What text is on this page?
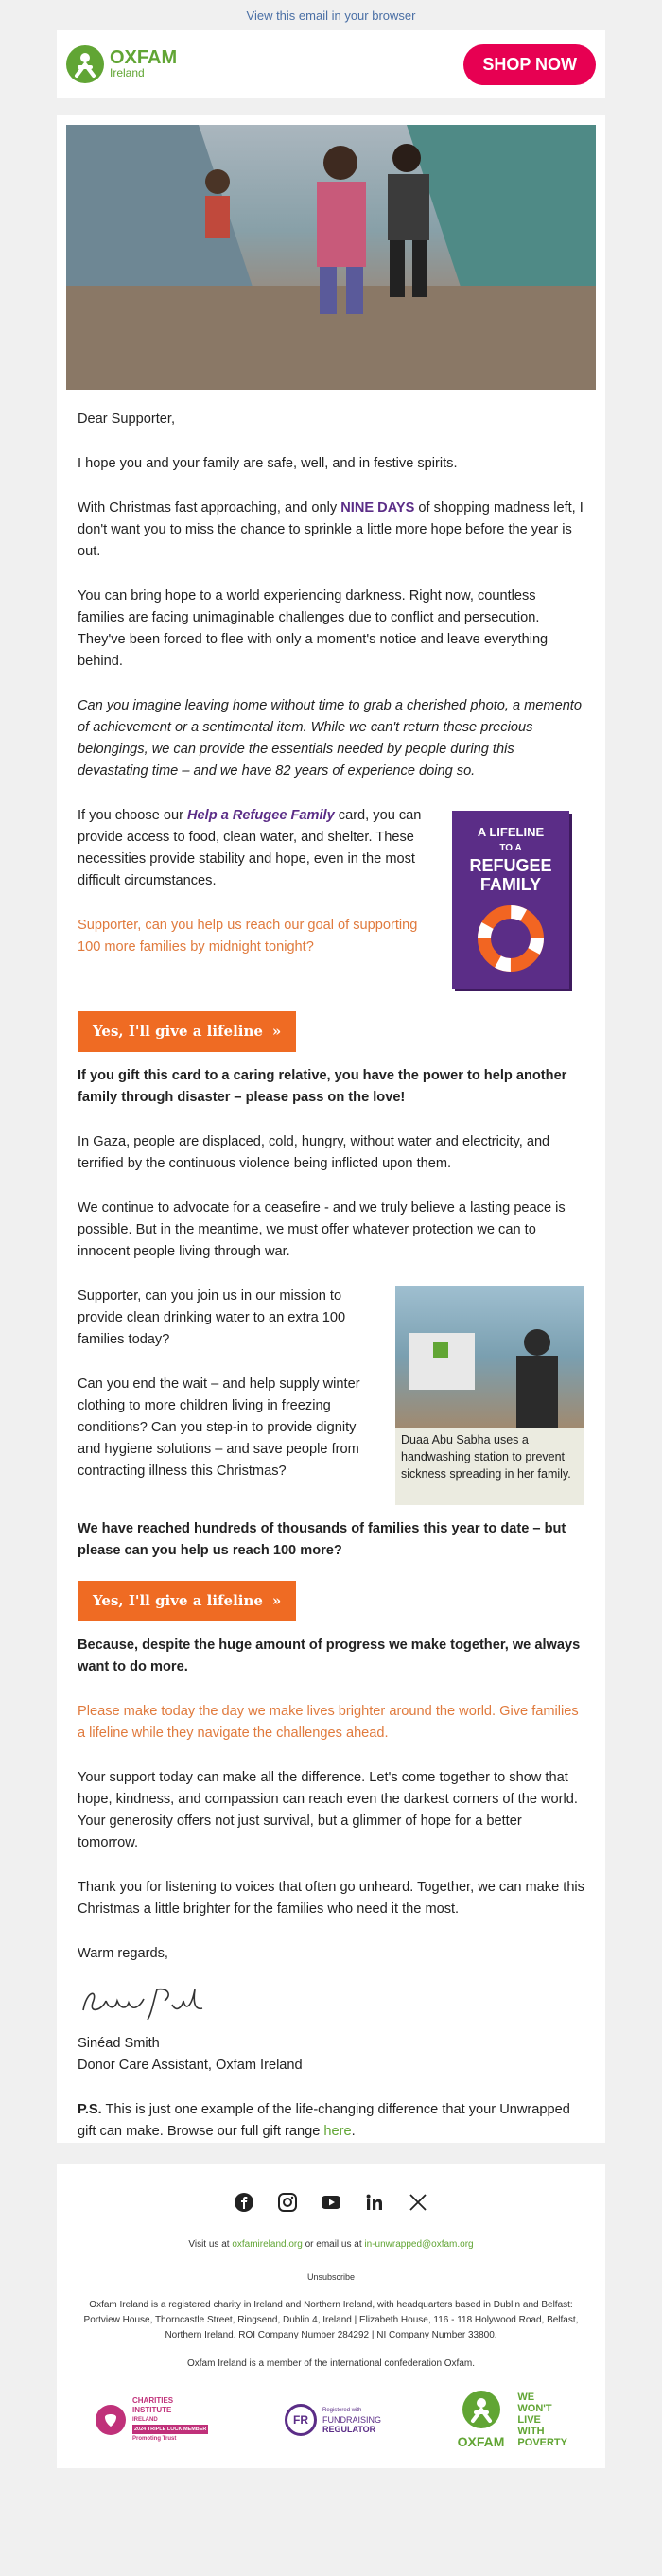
View this email in your browser
OXFAM
Ireland	SHOP NOW

Dear Supporter,

I hope you and your family are safe, well, and in festive spirits.

With Christmas fast approaching, and only NINE DAYS of shopping madness left, I don't want you to miss the chance to sprinkle a little more hope before the year is out.

You can bring hope to a world experiencing darkness. Right now, countless families are facing unimaginable challenges due to conflict and persecution. They've been forced to flee with only a moment's notice and leave everything behind.

Can you imagine leaving home without time to grab a cherished photo, a memento of achievement or a sentimental item. While we can't return these precious belongings, we can provide the essentials needed by people during this devastating time – and we have 82 years of experience doing so.

If you choose our Help a Refugee Family card, you can provide access to food, clean water, and shelter. These necessities provide stability and hope, even in the most difficult circumstances.

Supporter, can you help us reach our goal of supporting 100 more families by midnight tonight?

A LIFELINE
TO A
REFUGEE
FAMILY
Yes, I'll give a lifeline »

If you gift this card to a caring relative, you have the power to help another family through disaster – please pass on the love!

In Gaza, people are displaced, cold, hungry, without water and electricity, and terrified by the continuous violence being inflicted upon them.

We continue to advocate for a ceasefire - and we truly believe a lasting peace is possible. But in the meantime, we must offer whatever protection we can to innocent people living through war.

Supporter, can you join us in our mission to provide clean drinking water to an extra 100 families today?

Can you end the wait – and help supply winter clothing to more children living in freezing conditions? Can you step-in to provide dignity and hygiene solutions – and save people from contracting illness this Christmas?

Duaa Abu Sabha uses a handwashing station to prevent sickness spreading in her family.

We have reached hundreds of thousands of families this year to date – but please can you help us reach 100 more?

Yes, I'll give a lifeline »

Because, despite the huge amount of progress we make together, we always want to do more.

Please make today the day we make lives brighter around the world. Give families a lifeline while they navigate the challenges ahead.

Your support today can make all the difference. Let's come together to show that hope, kindness, and compassion can reach even the darkest corners of the world. Your generosity offers not just survival, but a glimmer of hope for a better tomorrow.

Thank you for listening to voices that often go unheard. Together, we can make this Christmas a little brighter for the families who need it the most.

Warm regards,

Sinéad Smith
Donor Care Assistant, Oxfam Ireland

P.S. This is just one example of the life-changing difference that your Unwrapped gift can make. Browse our full gift range here.

Visit us at oxfamireland.org or email us at in-unwrapped@oxfam.org
Unsubscribe
Oxfam Ireland is a registered charity in Ireland and Northern Ireland, with headquarters based in Dublin and Belfast: Portview House, Thorncastle Street, Ringsend, Dublin 4, Ireland | Elizabeth House, 116 - 118 Holywood Road, Belfast, Northern Ireland. ROI Company Number 284292 | NI Company Number 33800.
Oxfam Ireland is a member of the international confederation Oxfam.
CHARITIES
INSTITUTE
IRELAND
2024 TRIPLE LOCK MEMBER
Promoting Trust
FR
Registered with
FUNDRAISING
REGULATOR
OXFAM
WE
WON'T
LIVE
WITH
POVERTY
